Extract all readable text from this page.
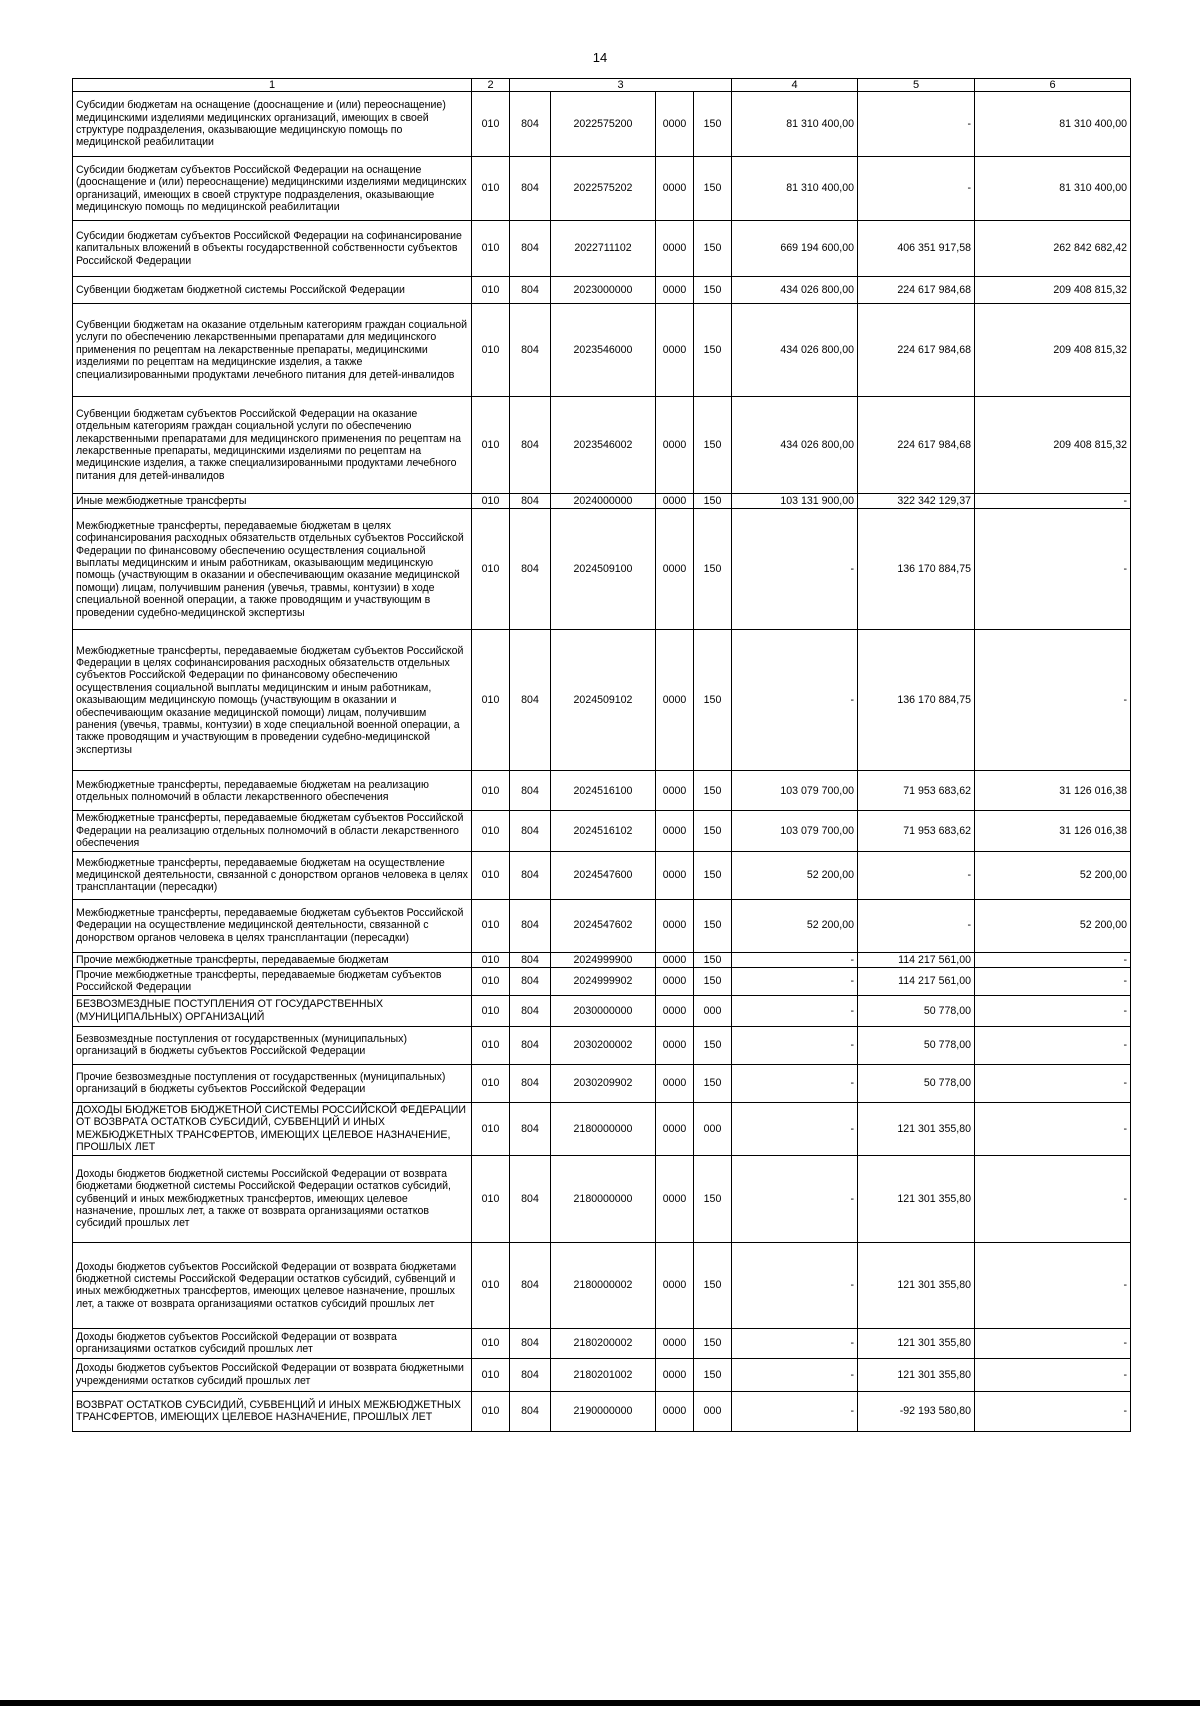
14
1	2	3				4	5	6
Субсидии бюджетам на оснащение (дооснащение и (или) переоснащение) медицинскими изделиями медицинских организаций, имеющих в своей структуре подразделения, оказывающие медицинскую помощь по медицинской реабилитации	010	804	2022575200	0000	150	81 310 400,00	-	81 310 400,00
Субсидии бюджетам субъектов Российской Федерации на оснащение (дооснащение и (или) переоснащение) медицинскими изделиями медицинских организаций, имеющих в своей структуре подразделения, оказывающие медицинскую помощь по медицинской реабилитации	010	804	2022575202	0000	150	81 310 400,00	-	81 310 400,00
Субсидии бюджетам субъектов Российской Федерации на софинансирование капитальных вложений в объекты государственной собственности субъектов Российской Федерации	010	804	2022711102	0000	150	669 194 600,00	406 351 917,58	262 842 682,42
Субвенции бюджетам бюджетной системы Российской Федерации	010	804	2023000000	0000	150	434 026 800,00	224 617 984,68	209 408 815,32
Субвенции бюджетам на оказание отдельным категориям граждан социальной услуги по обеспечению лекарственными препаратами для медицинского применения по рецептам на лекарственные препараты, медицинскими изделиями по рецептам на медицинские изделия, а также специализированными продуктами лечебного питания для детей-инвалидов	010	804	2023546000	0000	150	434 026 800,00	224 617 984,68	209 408 815,32
Субвенции бюджетам субъектов Российской Федерации на оказание отдельным категориям граждан социальной услуги по обеспечению лекарственными препаратами для медицинского применения по рецептам на лекарственные препараты, медицинскими изделиями по рецептам на медицинские изделия, а также специализированными продуктами лечебного питания для детей-инвалидов	010	804	2023546002	0000	150	434 026 800,00	224 617 984,68	209 408 815,32
Иные межбюджетные трансферты	010	804	2024000000	0000	150	103 131 900,00	322 342 129,37	-
Межбюджетные трансферты, передаваемые бюджетам в целях софинансирования расходных обязательств отдельных субъектов Российской Федерации по финансовому обеспечению осуществления социальной выплаты медицинским и иным работникам, оказывающим медицинскую помощь (участвующим в оказании и обеспечивающим оказание медицинской помощи) лицам, получившим ранения (увечья, травмы, контузии) в ходе специальной военной операции, а также проводящим и участвующим в проведении судебно-медицинской экспертизы	010	804	2024509100	0000	150	-	136 170 884,75	-
Межбюджетные трансферты, передаваемые бюджетам субъектов Российской Федерации в целях софинансирования расходных обязательств отдельных субъектов Российской Федерации по финансовому обеспечению осуществления социальной выплаты медицинским и иным работникам, оказывающим медицинскую помощь (участвующим в оказании и обеспечивающим оказание медицинской помощи) лицам, получившим ранения (увечья, травмы, контузии) в ходе специальной военной операции, а также проводящим и участвующим в проведении судебно-медицинской экспертизы	010	804	2024509102	0000	150	-	136 170 884,75	-
Межбюджетные трансферты, передаваемые бюджетам на реализацию отдельных полномочий в области лекарственного обеспечения	010	804	2024516100	0000	150	103 079 700,00	71 953 683,62	31 126 016,38
Межбюджетные трансферты, передаваемые бюджетам субъектов Российской Федерации на реализацию отдельных полномочий в области лекарственного обеспечения	010	804	2024516102	0000	150	103 079 700,00	71 953 683,62	31 126 016,38
Межбюджетные трансферты, передаваемые бюджетам на осуществление медицинской деятельности, связанной с донорством органов человека в целях трансплантации (пересадки)	010	804	2024547600	0000	150	52 200,00	-	52 200,00
Межбюджетные трансферты, передаваемые бюджетам субъектов Российской Федерации на осуществление медицинской деятельности, связанной с донорством органов человека в целях трансплантации (пересадки)	010	804	2024547602	0000	150	52 200,00	-	52 200,00
Прочие межбюджетные трансферты, передаваемые бюджетам	010	804	2024999900	0000	150	-	114 217 561,00	-
Прочие межбюджетные трансферты, передаваемые бюджетам субъектов Российской Федерации	010	804	2024999902	0000	150	-	114 217 561,00	-
БЕЗВОЗМЕЗДНЫЕ ПОСТУПЛЕНИЯ ОТ ГОСУДАРСТВЕННЫХ (МУНИЦИПАЛЬНЫХ) ОРГАНИЗАЦИЙ	010	804	2030000000	0000	000	-	50 778,00	-
Безвозмездные поступления от государственных (муниципальных) организаций в бюджеты субъектов Российской Федерации	010	804	2030200002	0000	150	-	50 778,00	-
Прочие безвозмездные поступления от государственных (муниципальных) организаций в бюджеты субъектов Российской Федерации	010	804	2030209902	0000	150	-	50 778,00	-
ДОХОДЫ БЮДЖЕТОВ БЮДЖЕТНОЙ СИСТЕМЫ РОССИЙСКОЙ ФЕДЕРАЦИИ ОТ ВОЗВРАТА ОСТАТКОВ СУБСИДИЙ, СУБВЕНЦИЙ И ИНЫХ МЕЖБЮДЖЕТНЫХ ТРАНСФЕРТОВ, ИМЕЮЩИХ ЦЕЛЕВОЕ НАЗНАЧЕНИЕ, ПРОШЛЫХ ЛЕТ	010	804	2180000000	0000	000	-	121 301 355,80	-
Доходы бюджетов бюджетной системы Российской Федерации от возврата бюджетами бюджетной системы Российской Федерации остатков субсидий, субвенций и иных межбюджетных трансфертов, имеющих целевое назначение, прошлых лет, а также от возврата организациями остатков субсидий прошлых лет	010	804	2180000000	0000	150	-	121 301 355,80	-
Доходы бюджетов субъектов Российской Федерации от возврата бюджетами бюджетной системы Российской Федерации остатков субсидий, субвенций и иных межбюджетных трансфертов, имеющих целевое назначение, прошлых лет, а также от возврата организациями остатков субсидий прошлых лет	010	804	2180000002	0000	150	-	121 301 355,80	-
Доходы бюджетов субъектов Российской Федерации от возврата организациями остатков субсидий прошлых лет	010	804	2180200002	0000	150	-	121 301 355,80	-
Доходы бюджетов субъектов Российской Федерации от возврата бюджетными учреждениями остатков субсидий прошлых лет	010	804	2180201002	0000	150	-	121 301 355,80	-
ВОЗВРАТ ОСТАТКОВ СУБСИДИЙ, СУБВЕНЦИЙ И ИНЫХ МЕЖБЮДЖЕТНЫХ ТРАНСФЕРТОВ, ИМЕЮЩИХ ЦЕЛЕВОЕ НАЗНАЧЕНИЕ, ПРОШЛЫХ ЛЕТ	010	804	2190000000	0000	000	-	-92 193 580,80	-
